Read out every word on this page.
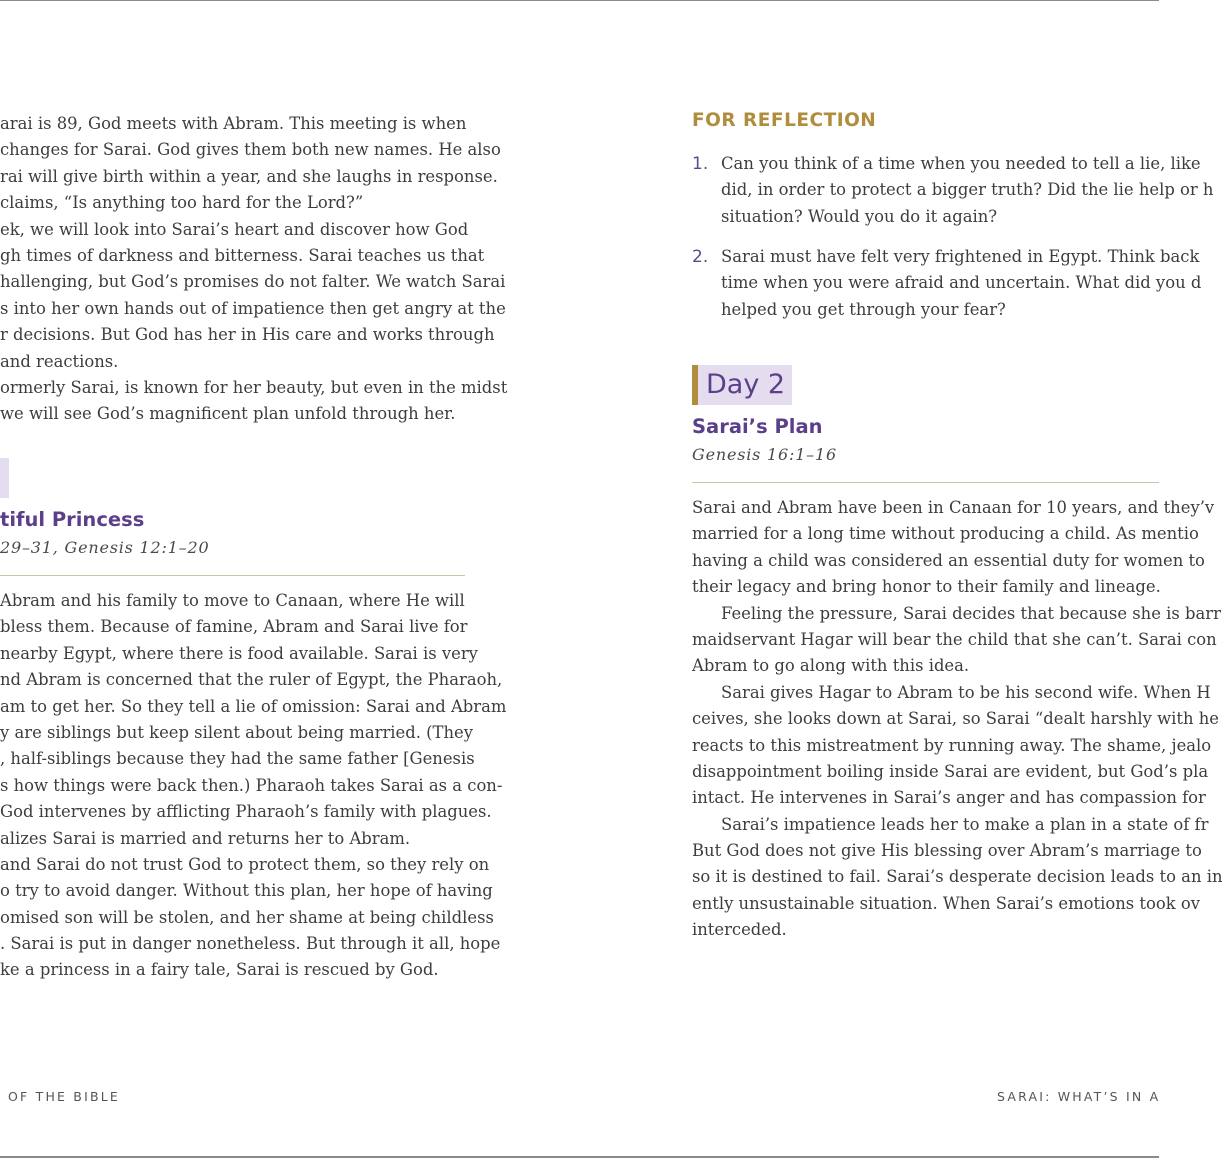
arai is 89, God meets with Abram. This meeting is when
changes for Sarai. God gives them both new names. He also
rai will give birth within a year, and she laughs in response.
claims, “Is anything too hard for the Lord?”
ek, we will look into Sarai’s heart and discover how God
gh times of darkness and bitterness. Sarai teaches us that
hallenging, but God’s promises do not falter. We watch Sarai
s into her own hands out of impatience then get angry at the
r decisions. But God has her in His care and works through
and reactions.
ormerly Sarai, is known for her beauty, but even in the midst
we will see God’s magnificent plan unfold through her.
tiful Princess
29–31, Genesis 12:1–20
Abram and his family to move to Canaan, where He will
bless them. Because of famine, Abram and Sarai live for
nearby Egypt, where there is food available. Sarai is very
nd Abram is concerned that the ruler of Egypt, the Pharaoh,
am to get her. So they tell a lie of omission: Sarai and Abram
y are siblings but keep silent about being married. (They
, half-siblings because they had the same father [Genesis
s how things were back then.) Pharaoh takes Sarai as a con-
God intervenes by afflicting Pharaoh’s family with plagues.
alizes Sarai is married and returns her to Abram.
and Sarai do not trust God to protect them, so they rely on
o try to avoid danger. Without this plan, her hope of having
omised son will be stolen, and her shame at being childless
. Sarai is put in danger nonetheless. But through it all, hope
ke a princess in a fairy tale, Sarai is rescued by God.
OF THE BIBLE
FOR REFLECTION
1. Can you think of a time when you needed to tell a lie, like
did, in order to protect a bigger truth? Did the lie help or h
situation? Would you do it again?
2. Sarai must have felt very frightened in Egypt. Think back
time when you were afraid and uncertain. What did you d
helped you get through your fear?
Day 2
Sarai’s Plan
Genesis 16:1–16
Sarai and Abram have been in Canaan for 10 years, and they’v
married for a long time without producing a child. As mentio
having a child was considered an essential duty for women to
their legacy and bring honor to their family and lineage.
Feeling the pressure, Sarai decides that because she is barr
maidservant Hagar will bear the child that she can’t. Sarai con
Abram to go along with this idea.
Sarai gives Hagar to Abram to be his second wife. When H
ceives, she looks down at Sarai, so Sarai “dealt harshly with he
reacts to this mistreatment by running away. The shame, jealo
disappointment boiling inside Sarai are evident, but God’s pla
intact. He intervenes in Sarai’s anger and has compassion for
Sarai’s impatience leads her to make a plan in a state of fr
But God does not give His blessing over Abram’s marriage to
so it is destined to fail. Sarai’s desperate decision leads to an in
ently unsustainable situation. When Sarai’s emotions took ov
interceded.
SARAI: WHAT’S IN A
